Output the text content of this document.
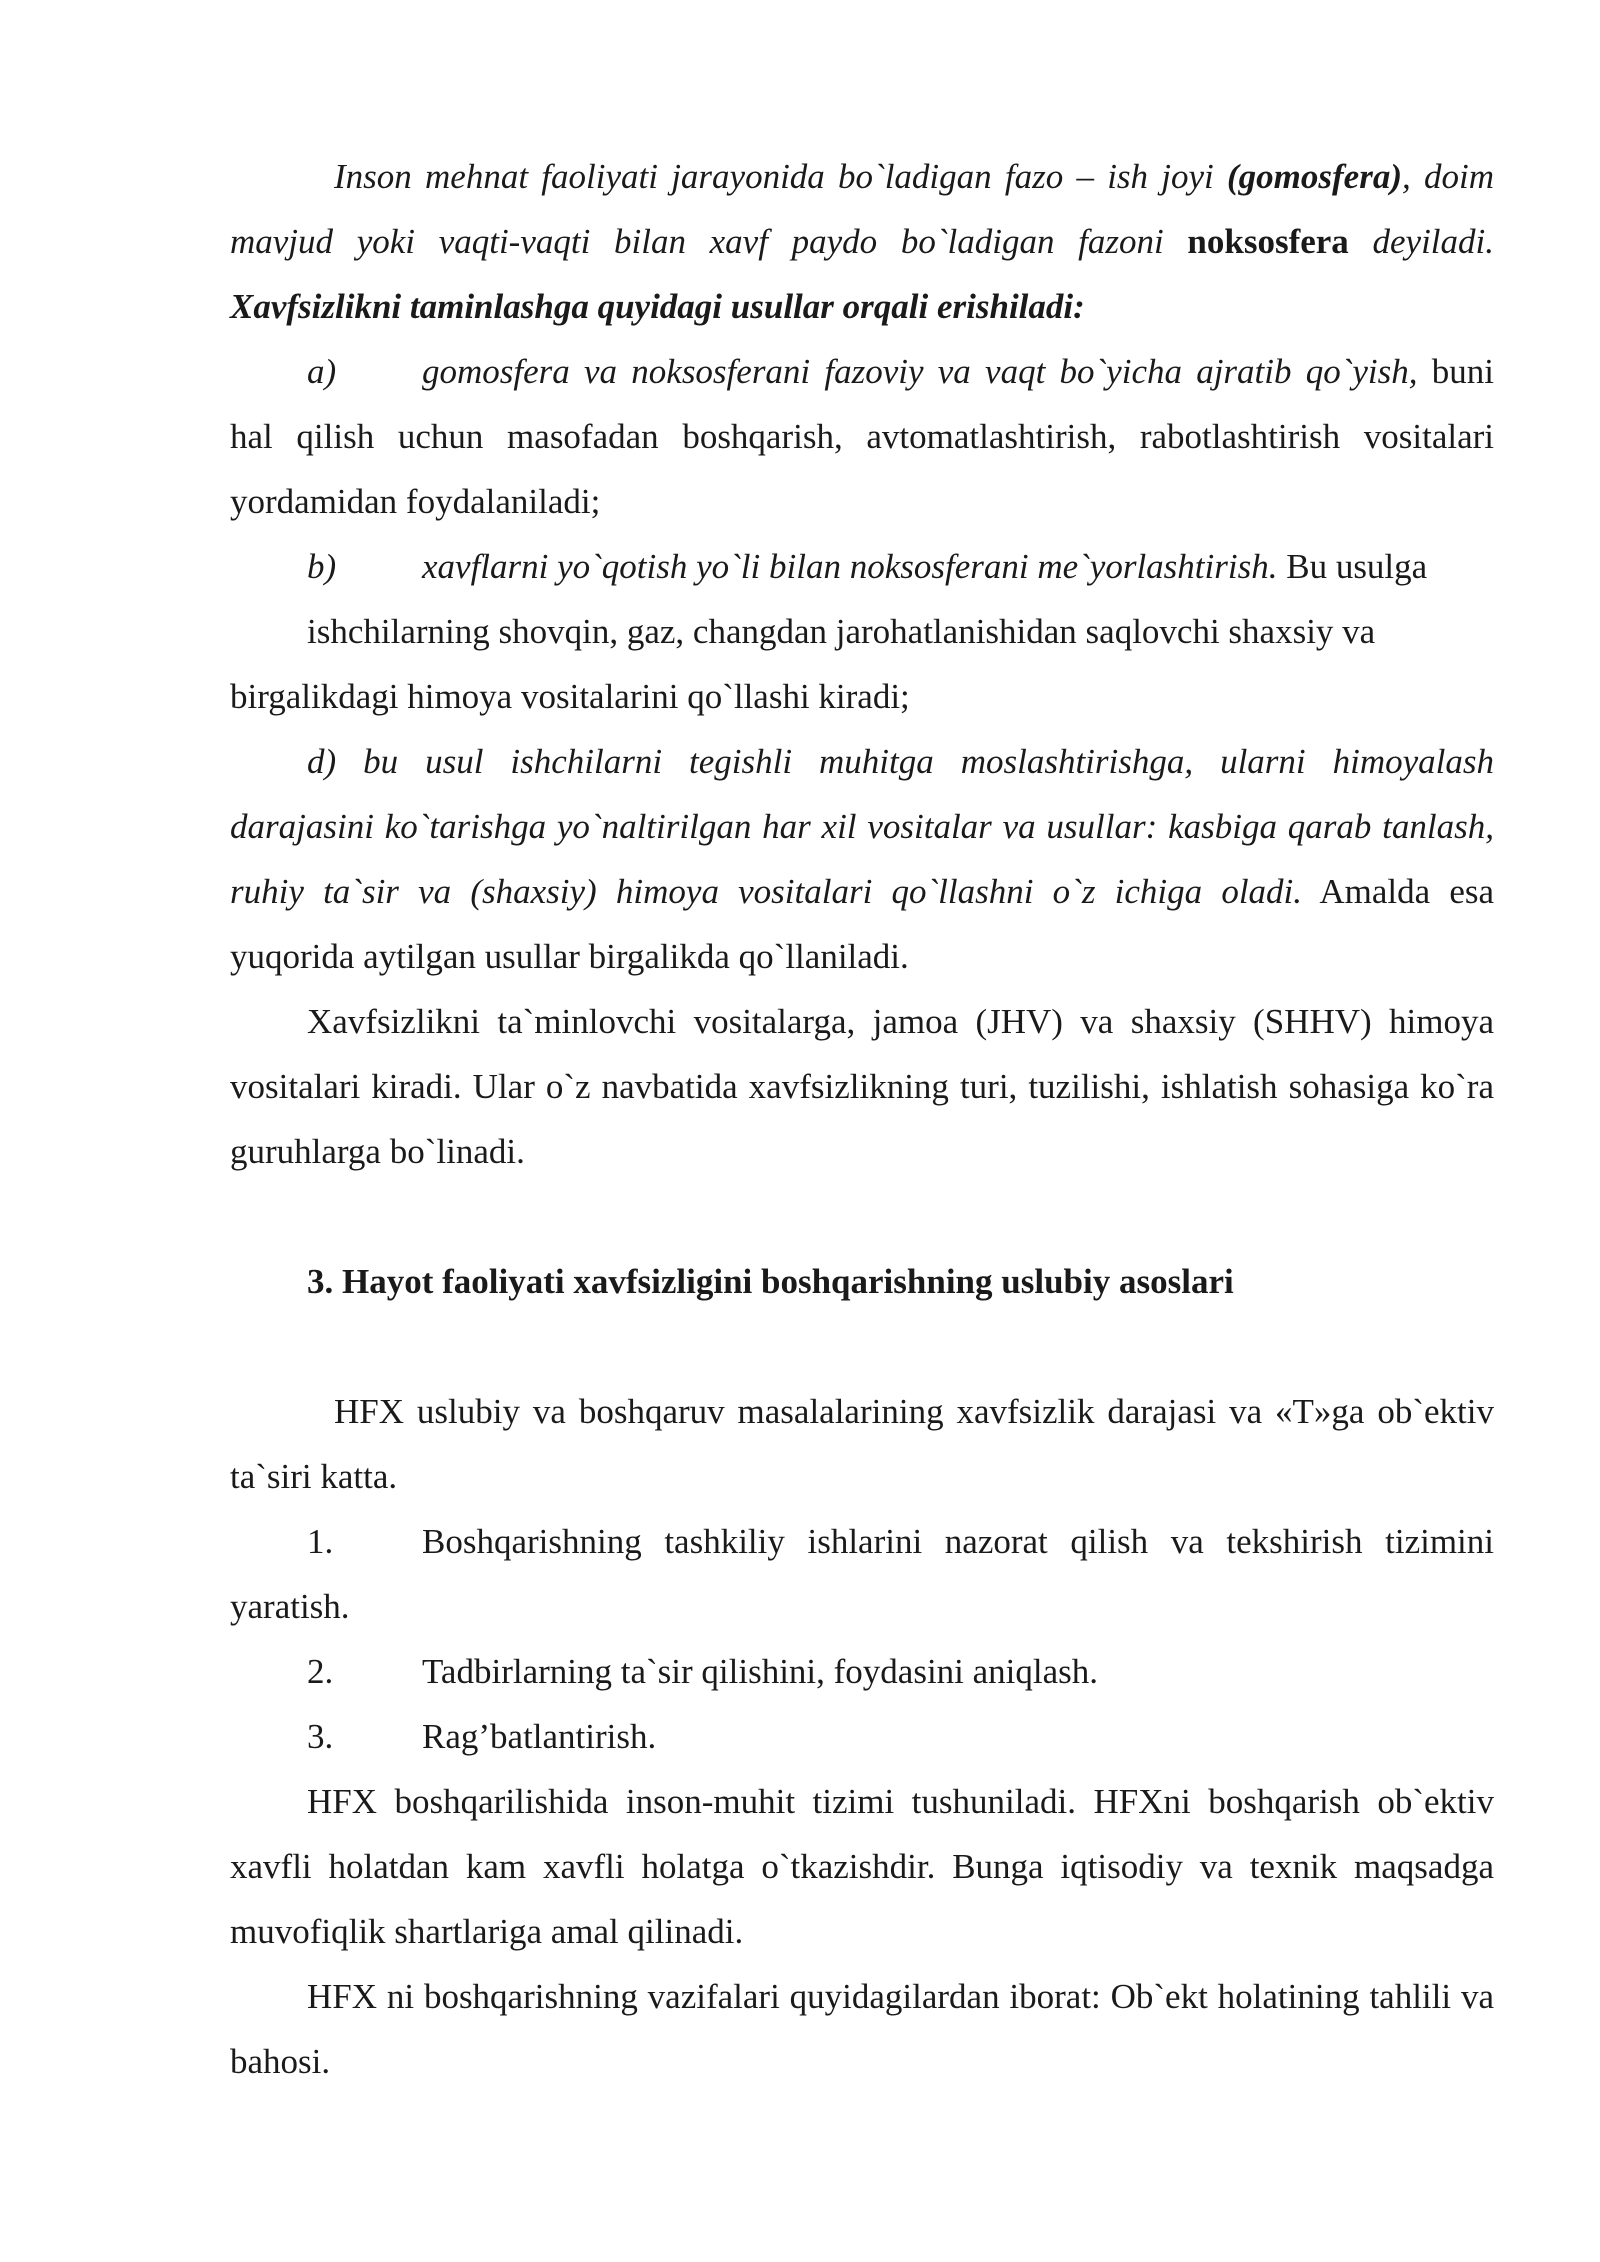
Inson mehnat faoliyati jarayonida bo`ladigan fazo – ish joyi (gomosfera), doim mavjud yoki vaqti-vaqti bilan xavf paydo bo`ladigan fazoni noksosfera deyiladi. Xavfsizlikni taminlashga quyidagi usullar orqali erishiladi:

a) gomosfera va noksosferani fazoviy va vaqt bo`yicha ajratib qo`yish, buni hal qilish uchun masofadan boshqarish, avtomatlashtirish, rabotlashtirish vositalari yordamidan foydalaniladi;

b) xavflarni yo`qotish yo`li bilan noksosferani me`yorlashtirish. Bu usulga

ishchilarning shovqin, gaz, changdan jarohatlanishidan saqlovchi shaxsiy va

birgalikdagi himoya vositalarini qo`llashi kiradi;

d) bu usul ishchilarni tegishli muhitga moslashtirishga, ularni himoyalash darajasini ko`tarishga yo`naltirilgan har xil vositalar va usullar: kasbiga qarab tanlash, ruhiy ta`sir va (shaxsiy) himoya vositalari qo`llashni o`z ichiga oladi. Amalda esa yuqorida aytilgan usullar birgalikda qo`llaniladi.

Xavfsizlikni ta`minlovchi vositalarga, jamoa (JHV) va shaxsiy (SHHV) himoya vositalari kiradi. Ular o`z navbatida xavfsizlikning turi, tuzilishi, ishlatish sohasiga ko`ra guruhlarga bo`linadi.

3. Hayot faoliyati xavfsizligini boshqarishning uslubiy asoslari

HFX uslubiy va boshqaruv masalalarining xavfsizlik darajasi va «T»ga ob`ektiv ta`siri katta.

1.	Boshqarishning tashkiliy ishlarini nazorat qilish va tekshirish tizimini yaratish.

2.	Tadbirlarning ta`sir qilishini, foydasini aniqlash.

3.	Rag’batlantirish.

HFX boshqarilishida inson-muhit tizimi tushuniladi. HFXni boshqarish ob`ektiv xavfli holatdan kam xavfli holatga o`tkazishdir. Bunga iqtisodiy va texnik maqsadga muvofiqlik shartlariga amal qilinadi.

HFX ni boshqarishning vazifalari quyidagilardan iborat: Ob`ekt holatining tahlili va bahosi.
